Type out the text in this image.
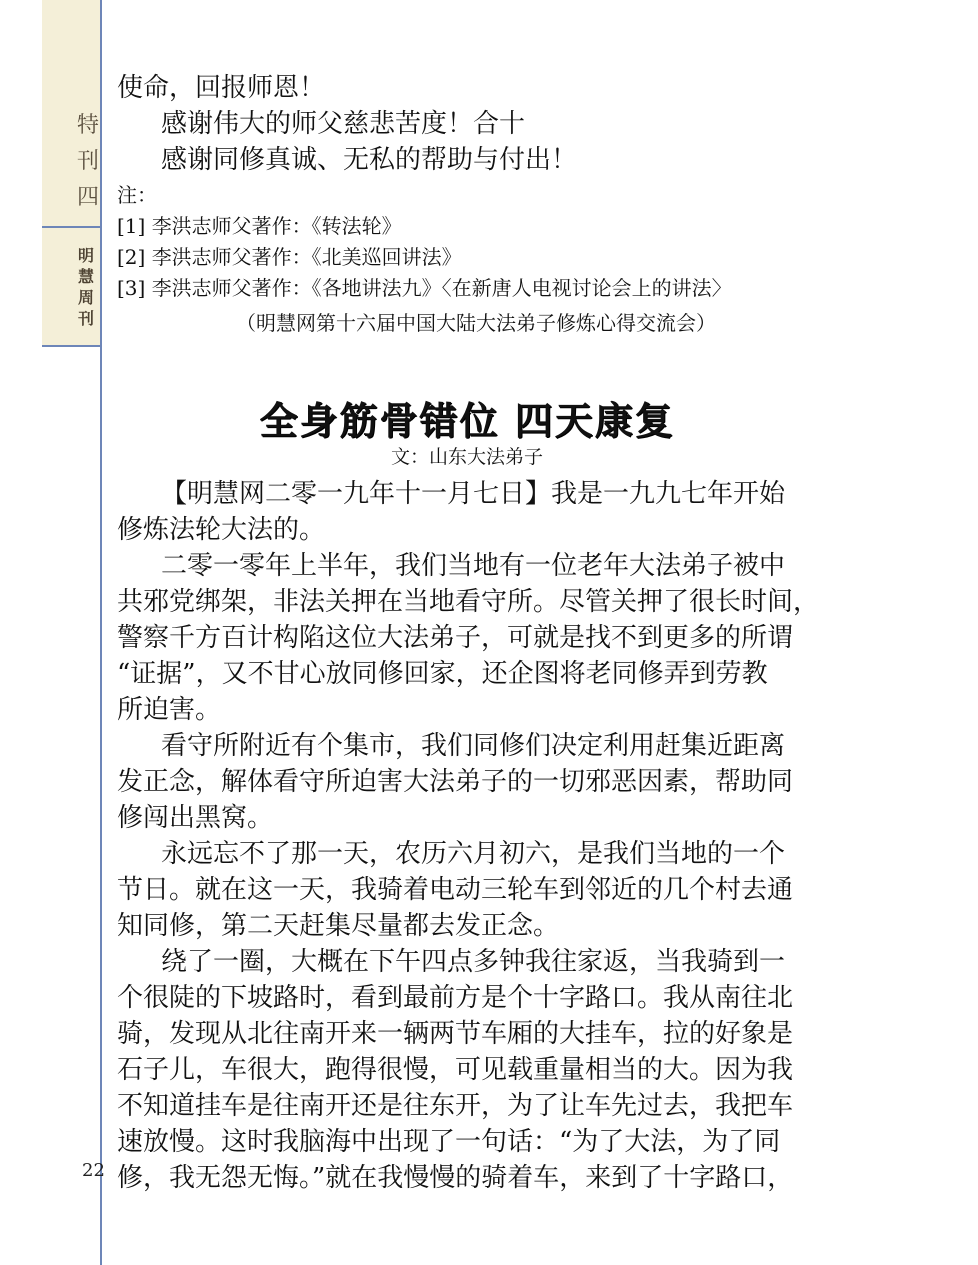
特
刊
四
明
慧
周
刊
使命，回报师恩！
感谢伟大的师父慈悲苦度！合十
感谢同修真诚、无私的帮助与付出！
注：
[1] 李洪志师父著作：《转法轮》
[2] 李洪志师父著作：《北美巡回讲法》
[3] 李洪志师父著作：《各地讲法九》〈在新唐人电视讨论会上的讲法〉
（明慧网第十六届中国大陆大法弟子修炼心得交流会）
全身筋骨错位 四天康复
文：山东大法弟子
【明慧网二零一九年十一月七日】我是一九九七年开始
修炼法轮大法的。
二零一零年上半年，我们当地有一位老年大法弟子被中
共邪党绑架，非法关押在当地看守所。尽管关押了很长时间，
警察千方百计构陷这位大法弟子，可就是找不到更多的所谓
“证据”，又不甘心放同修回家，还企图将老同修弄到劳教
所迫害。
看守所附近有个集市，我们同修们决定利用赶集近距离
发正念，解体看守所迫害大法弟子的一切邪恶因素，帮助同
修闯出黑窝。
永远忘不了那一天，农历六月初六，是我们当地的一个
节日。就在这一天，我骑着电动三轮车到邻近的几个村去通
知同修，第二天赶集尽量都去发正念。
绕了一圈，大概在下午四点多钟我往家返，当我骑到一
个很陡的下坡路时，看到最前方是个十字路口。我从南往北
骑，发现从北往南开来一辆两节车厢的大挂车，拉的好象是
石子儿，车很大，跑得很慢，可见载重量相当的大。因为我
不知道挂车是往南开还是往东开，为了让车先过去，我把车
速放慢。这时我脑海中出现了一句话：“为了大法，为了同
修，我无怨无悔。”就在我慢慢的骑着车，来到了十字路口，
22
